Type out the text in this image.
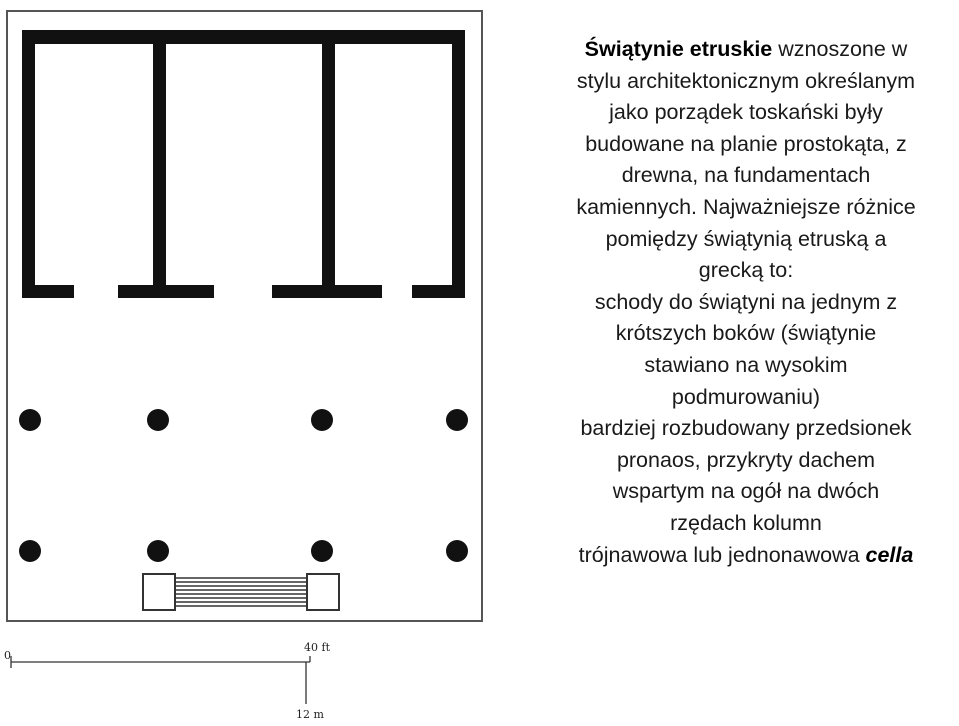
0
40 ft
12 m
Świątynie etruskie wznoszone w
stylu architektonicznym określanym
jako porządek toskański były
budowane na planie prostokąta, z
drewna, na fundamentach
kamiennych. Najważniejsze różnice
pomiędzy świątynią etruską a
grecką to:
schody do świątyni na jednym z
krótszych boków (świątynie
stawiano na wysokim
podmurowaniu)
bardziej rozbudowany przedsionek
pronaos, przykryty dachem
wspartym na ogół na dwóch
rzędach kolumn
trójnawowa lub jednonawowa cella
